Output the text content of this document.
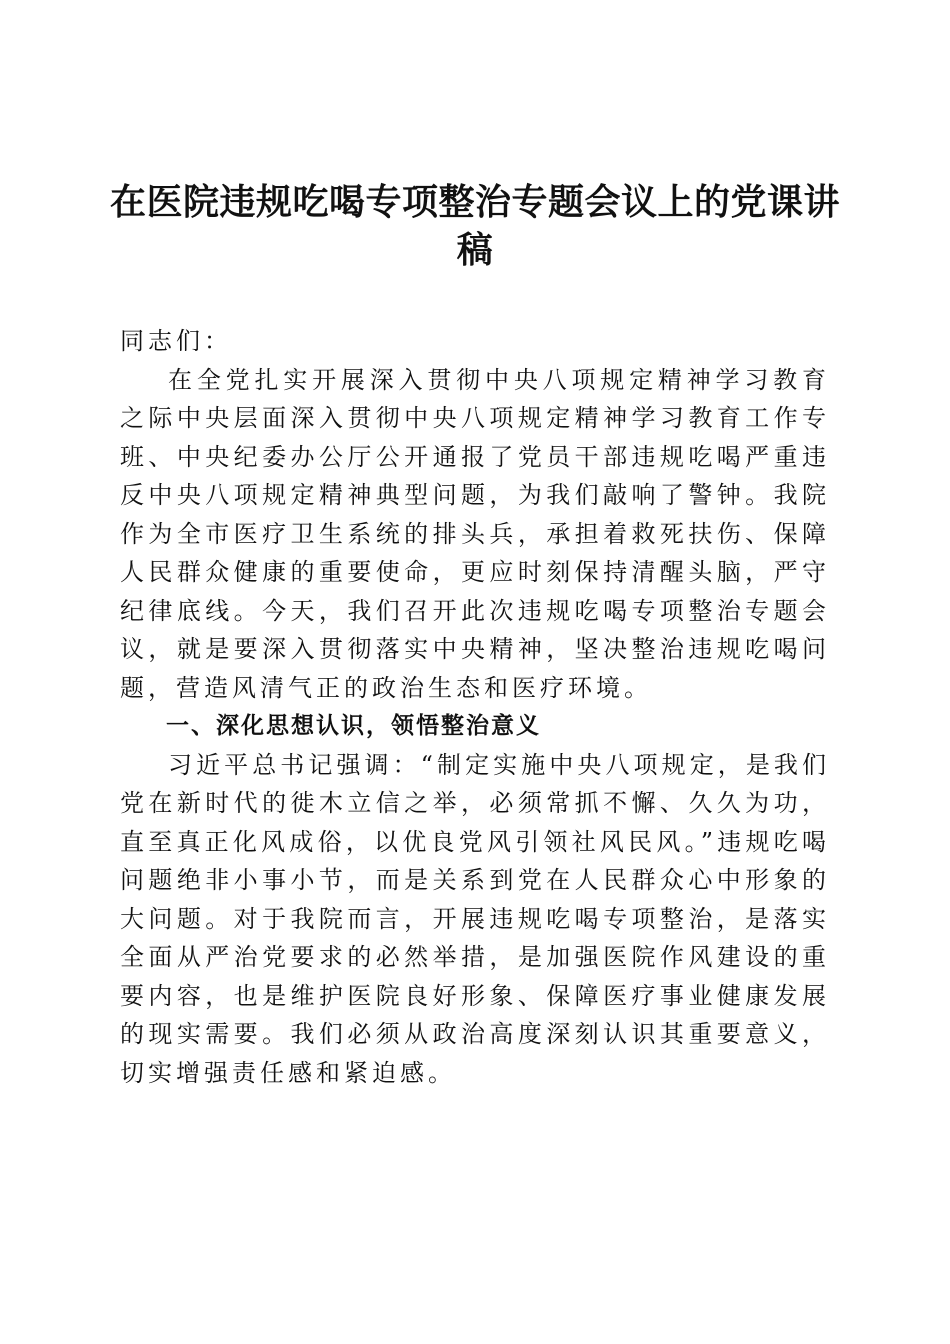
在医院违规吃喝专项整治专题会议上的党课讲稿

同志们：

在全党扎实开展深入贯彻中央八项规定精神学习教育之际中央层面深入贯彻中央八项规定精神学习教育工作专班、中央纪委办公厅公开通报了党员干部违规吃喝严重违反中央八项规定精神典型问题，为我们敲响了警钟。我院作为全市医疗卫生系统的排头兵，承担着救死扶伤、保障人民群众健康的重要使命，更应时刻保持清醒头脑，严守纪律底线。今天，我们召开此次违规吃喝专项整治专题会议，就是要深入贯彻落实中央精神，坚决整治违规吃喝问题，营造风清气正的政治生态和医疗环境。

一、深化思想认识，领悟整治意义

习近平总书记强调：“制定实施中央八项规定，是我们党在新时代的徙木立信之举，必须常抓不懈、久久为功，直至真正化风成俗，以优良党风引领社风民风。”违规吃喝问题绝非小事小节，而是关系到党在人民群众心中形象的大问题。对于我院而言，开展违规吃喝专项整治，是落实全面从严治党要求的必然举措，是加强医院作风建设的重要内容，也是维护医院良好形象、保障医疗事业健康发展的现实需要。我们必须从政治高度深刻认识其重要意义，切实增强责任感和紧迫感。
